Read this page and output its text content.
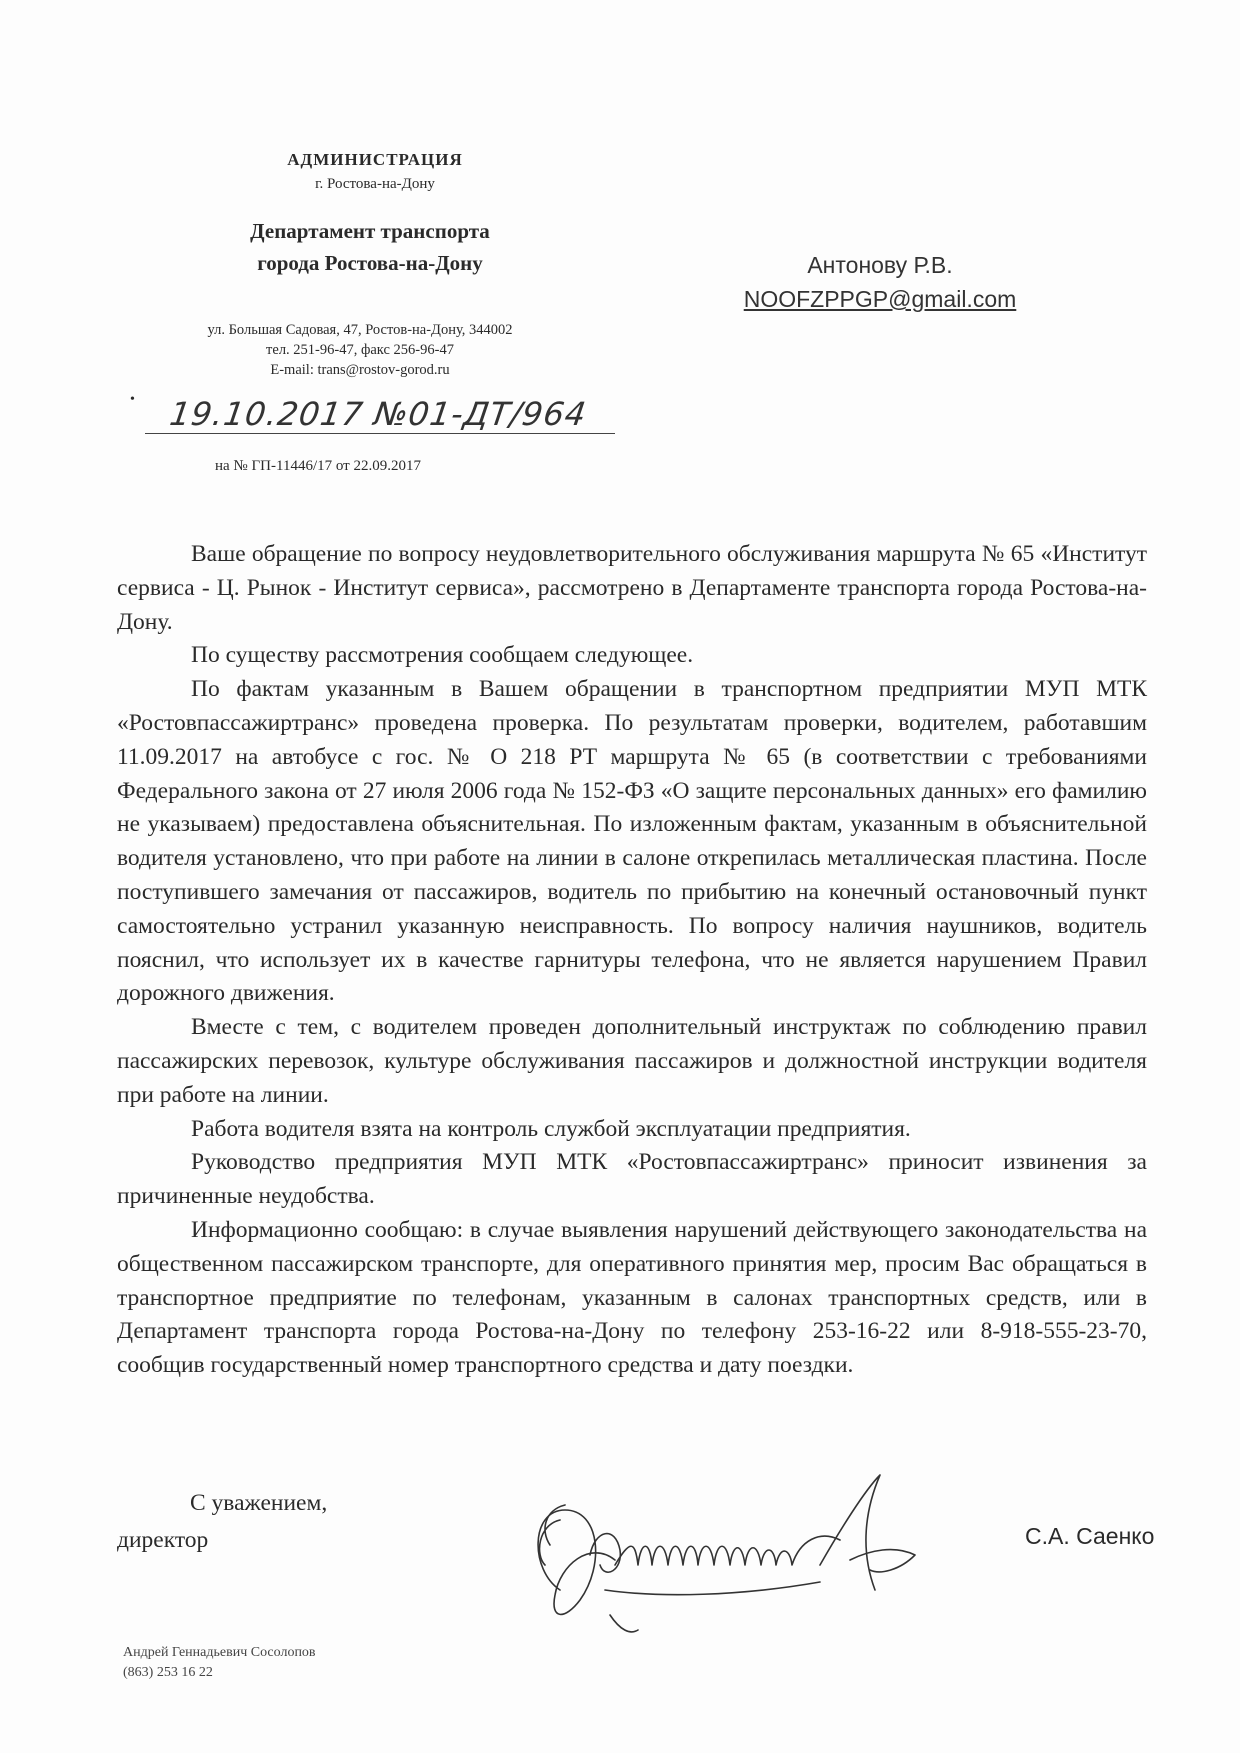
АДМИНИСТРАЦИЯ
г. Ростова-на-Дону
Департамент транспорта
города Ростова-на-Дону
ул. Большая Садовая, 47, Ростов-на-Дону, 344002
тел. 251-96-47, факс 256-96-47
E-mail: trans@rostov-gorod.ru
• 19.10.2017 №01-ДТ/964
на № ГП-11446/17 от 22.09.2017
Антонову Р.В.
NOOFZPPGP@gmail.com

Ваше обращение по вопросу неудовлетворительного обслуживания маршрута № 65 «Институт сервиса - Ц. Рынок - Институт сервиса», рассмотрено в Департаменте транспорта города Ростова-на-Дону.

По существу рассмотрения сообщаем следующее.

По фактам указанным в Вашем обращении в транспортном предприятии МУП МТК «Ростовпассажиртранс» проведена проверка. По результатам проверки, водителем, работавшим 11.09.2017 на автобусе с гос. № О 218 РТ маршрута № 65 (в соответствии с требованиями Федерального закона от 27 июля 2006 года № 152-ФЗ «О защите персональных данных» его фамилию не указываем) предоставлена объяснительная. По изложенным фактам, указанным в объяснительной водителя установлено, что при работе на линии в салоне открепилась металлическая пластина. После поступившего замечания от пассажиров, водитель по прибытию на конечный остановочный пункт самостоятельно устранил указанную неисправность. По вопросу наличия наушников, водитель пояснил, что использует их в качестве гарнитуры телефона, что не является нарушением Правил дорожного движения.

Вместе с тем, с водителем проведен дополнительный инструктаж по соблюдению правил пассажирских перевозок, культуре обслуживания пассажиров и должностной инструкции водителя при работе на линии.

Работа водителя взята на контроль службой эксплуатации предприятия.

Руководство предприятия МУП МТК «Ростовпассажиртранс» приносит извинения за причиненные неудобства.

Информационно сообщаю: в случае выявления нарушений действующего законодательства на общественном пассажирском транспорте, для оперативного принятия мер, просим Вас обращаться в транспортное предприятие по телефонам, указанным в салонах транспортных средств, или в Департамент транспорта города Ростова-на-Дону по телефону 253-16-22 или 8-918-555-23-70, сообщив государственный номер транспортного средства и дату поездки.

С уважением,
директор	С.А. Саенко
Андрей Геннадьевич Сосолопов
(863) 253 16 22
